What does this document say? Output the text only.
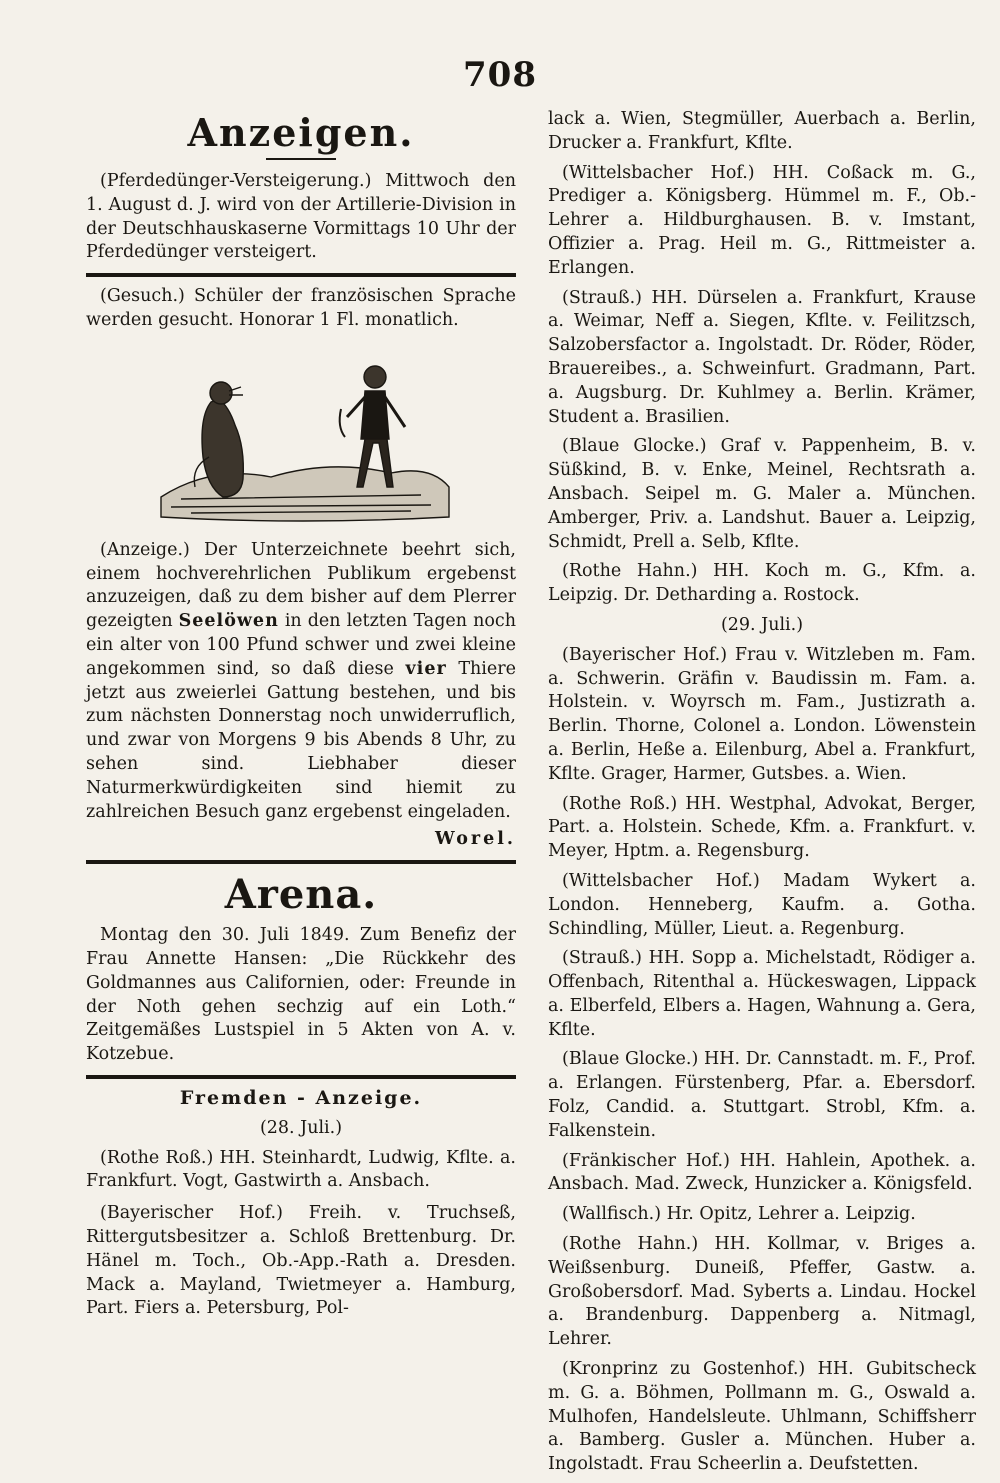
708
Anzeigen.

(Pferdedünger-Versteigerung.) Mittwoch den 1. August d. J. wird von der Artillerie-Division in der Deutschhauskaserne Vormittags 10 Uhr der Pferdedünger versteigert.

(Gesuch.) Schüler der französischen Sprache werden gesucht. Honorar 1 Fl. monatlich.

(Anzeige.) Der Unterzeichnete beehrt sich, einem hochverehrlichen Publikum ergebenst anzuzeigen, daß zu dem bisher auf dem Plerrer gezeigten Seelöwen in den letzten Tagen noch ein alter von 100 Pfund schwer und zwei kleine angekommen sind, so daß diese vier Thiere jetzt aus zweierlei Gattung bestehen, und bis zum nächsten Donnerstag noch unwiderruflich, und zwar von Morgens 9 bis Abends 8 Uhr, zu sehen sind. Liebhaber dieser Naturmerkwürdigkeiten sind hiemit zu zahlreichen Besuch ganz ergebenst eingeladen.

Worel.

Arena.

Montag den 30. Juli 1849. Zum Benefiz der Frau Annette Hansen: „Die Rückkehr des Goldmannes aus Californien, oder: Freunde in der Noth gehen sechzig auf ein Loth.“ Zeitgemäßes Lustspiel in 5 Akten von A. v. Kotzebue.

Fremden - Anzeige.
(28. Juli.)

(Rothe Roß.) HH. Steinhardt, Ludwig, Kflte. a. Frankfurt. Vogt, Gastwirth a. Ansbach.

(Bayerischer Hof.) Freih. v. Truchseß, Rittergutsbesitzer a. Schloß Brettenburg. Dr. Hänel m. Toch., Ob.-App.-Rath a. Dresden. Mack a. Mayland, Twietmeyer a. Hamburg, Part. Fiers a. Petersburg, Pol-

lack a. Wien, Stegmüller, Auerbach a. Berlin, Drucker a. Frankfurt, Kflte.

(Wittelsbacher Hof.) HH. Coßack m. G., Prediger a. Königsberg. Hümmel m. F., Ob.-Lehrer a. Hildburghausen. B. v. Imstant, Offizier a. Prag. Heil m. G., Rittmeister a. Erlangen.

(Strauß.) HH. Dürselen a. Frankfurt, Krause a. Weimar, Neff a. Siegen, Kflte. v. Feilitzsch, Salzobersfactor a. Ingolstadt. Dr. Röder, Röder, Brauereibes., a. Schweinfurt. Gradmann, Part. a. Augsburg. Dr. Kuhlmey a. Berlin. Krämer, Student a. Brasilien.

(Blaue Glocke.) Graf v. Pappenheim, B. v. Süßkind, B. v. Enke, Meinel, Rechtsrath a. Ansbach. Seipel m. G. Maler a. München. Amberger, Priv. a. Landshut. Bauer a. Leipzig, Schmidt, Prell a. Selb, Kflte.

(Rothe Hahn.) HH. Koch m. G., Kfm. a. Leipzig. Dr. Detharding a. Rostock.

(29. Juli.)

(Bayerischer Hof.) Frau v. Witzleben m. Fam. a. Schwerin. Gräfin v. Baudissin m. Fam. a. Holstein. v. Woyrsch m. Fam., Justizrath a. Berlin. Thorne, Colonel a. London. Löwenstein a. Berlin, Heße a. Eilenburg, Abel a. Frankfurt, Kflte. Grager, Harmer, Gutsbes. a. Wien.

(Rothe Roß.) HH. Westphal, Advokat, Berger, Part. a. Holstein. Schede, Kfm. a. Frankfurt. v. Meyer, Hptm. a. Regensburg.

(Wittelsbacher Hof.) Madam Wykert a. London. Henneberg, Kaufm. a. Gotha. Schindling, Müller, Lieut. a. Regenburg.

(Strauß.) HH. Sopp a. Michelstadt, Rödiger a. Offenbach, Ritenthal a. Hückeswagen, Lippack a. Elberfeld, Elbers a. Hagen, Wahnung a. Gera, Kflte.

(Blaue Glocke.) HH. Dr. Cannstadt. m. F., Prof. a. Erlangen. Fürstenberg, Pfar. a. Ebersdorf. Folz, Candid. a. Stuttgart. Strobl, Kfm. a. Falkenstein.

(Fränkischer Hof.) HH. Hahlein, Apothek. a. Ansbach. Mad. Zweck, Hunzicker a. Königsfeld.

(Wallfisch.) Hr. Opitz, Lehrer a. Leipzig.

(Rothe Hahn.) HH. Kollmar, v. Briges a. Weißsenburg. Duneiß, Pfeffer, Gastw. a. Großobersdorf. Mad. Syberts a. Lindau. Hockel a. Brandenburg. Dappenberg a. Nitmagl, Lehrer.

(Kronprinz zu Gostenhof.) HH. Gubitscheck m. G. a. Böhmen, Pollmann m. G., Oswald a. Mulhofen, Handelsleute. Uhlmann, Schiffsherr a. Bamberg. Gusler a. München. Huber a. Ingolstadt. Frau Scheerlin a. Deufstetten.
